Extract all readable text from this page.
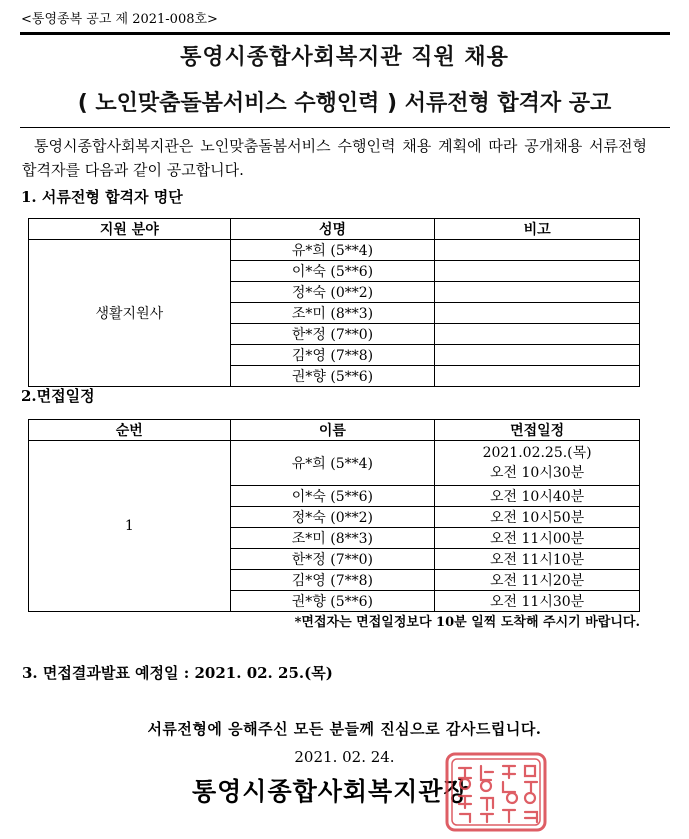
<통영종복 공고 제 2021-008호>
통영시종합사회복지관 직원 채용
( 노인맞춤돌봄서비스 수행인력 ) 서류전형 합격자 공고
통영시종합사회복지관은 노인맞춤돌봄서비스 수행인력 채용 계획에 따라 공개채용 서류전형 합격자를 다음과 같이 공고합니다.
1. 서류전형 합격자 명단
지원 분야	성명	비고
생활지원사	유*희 (5**4)	
	이*숙 (5**6)	
	정*숙 (0**2)	
	조*미 (8**3)	
	한*정 (7**0)	
	김*영 (7**8)	
	권*향 (5**6)	
2.면접일정
순번	이름	면접일정
1	유*희 (5**4)	2021.02.25.(목)
오전 10시30분

	이*숙 (5**6)	오전 10시40분
	정*숙 (0**2)	오전 10시50분
	조*미 (8**3)	오전 11시00분
	한*정 (7**0)	오전 11시10분
	김*영 (7**8)	오전 11시20분
	권*향 (5**6)	오전 11시30분
*면접자는 면접일정보다 10분 일찍 도착해 주시기 바랍니다.
3. 면접결과발표 예정일 : 2021. 02. 25.(목)
서류전형에 응해주신 모든 분들께 진심으로 감사드립니다.
2021. 02. 24.
통영시종합사회복지관장
